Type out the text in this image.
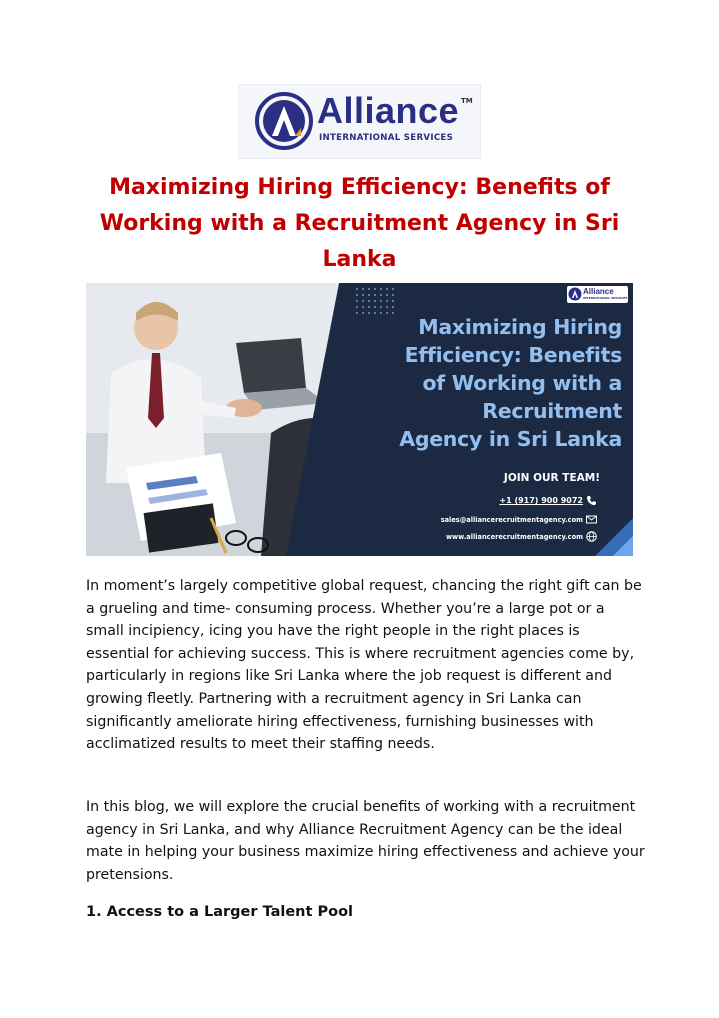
Alliance TM
INTERNATIONAL SERVICES
Maximizing Hiring Efficiency: Benefits of Working with a Recruitment Agency in Sri Lanka
Alliance
INTERNATIONAL SERVICES
Maximizing Hiring
Efficiency: Benefits
of Working with a
Recruitment
Agency in Sri Lanka
JOIN OUR TEAM!
+1 (917) 900 9072
sales@alliancerecruitmentagency.com
www.alliancerecruitmentagency.com

In moment’s largely competitive global request, chancing the right gift can be a grueling and time- consuming process. Whether you’re a large pot or a small incipiency, icing you have the right people in the right places is essential for achieving success. This is where recruitment agencies come by, particularly in regions like Sri Lanka where the job request is different and growing fleetly. Partnering with a recruitment agency in Sri Lanka can significantly ameliorate hiring effectiveness, furnishing businesses with acclimatized results to meet their staffing needs.

In this blog, we will explore the crucial benefits of working with a recruitment agency in Sri Lanka, and why Alliance Recruitment Agency can be the ideal mate in helping your business maximize hiring effectiveness and achieve your pretensions.

1. Access to a Larger Talent Pool
